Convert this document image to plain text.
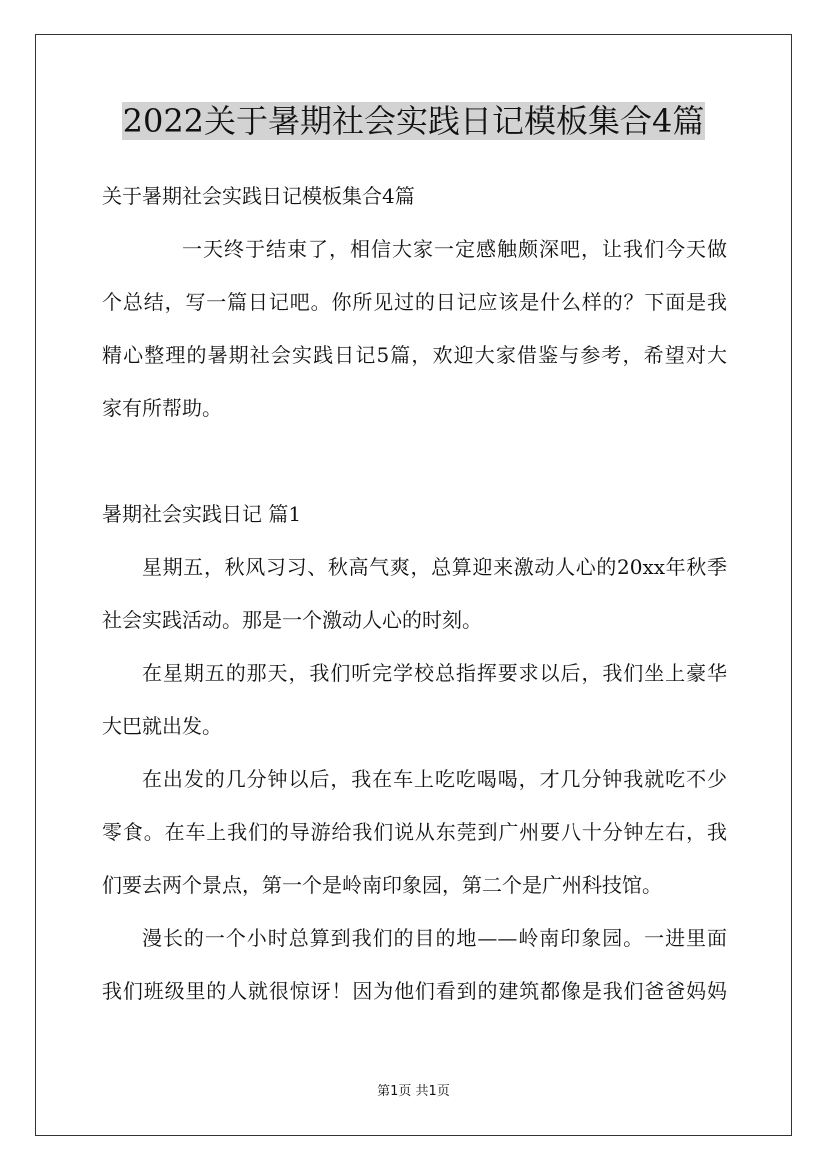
2022关于暑期社会实践日记模板集合4篇
关于暑期社会实践日记模板集合4篇
一天终于结束了，相信大家一定感触颇深吧，让我们今天做
个总结，写一篇日记吧。你所见过的日记应该是什么样的？下面是我
精心整理的暑期社会实践日记5篇，欢迎大家借鉴与参考，希望对大
家有所帮助。
暑期社会实践日记 篇1
星期五，秋风习习、秋高气爽，总算迎来激动人心的20xx年秋季
社会实践活动。那是一个激动人心的时刻。
在星期五的那天，我们听完学校总指挥要求以后，我们坐上豪华
大巴就出发。
在出发的几分钟以后，我在车上吃吃喝喝，才几分钟我就吃不少
零食。在车上我们的导游给我们说从东莞到广州要八十分钟左右，我
们要去两个景点，第一个是岭南印象园，第二个是广州科技馆。
漫长的一个小时总算到我们的目的地——岭南印象园。一进里面
我们班级里的人就很惊讶！因为他们看到的建筑都像是我们爸爸妈妈
第1页 共1页
